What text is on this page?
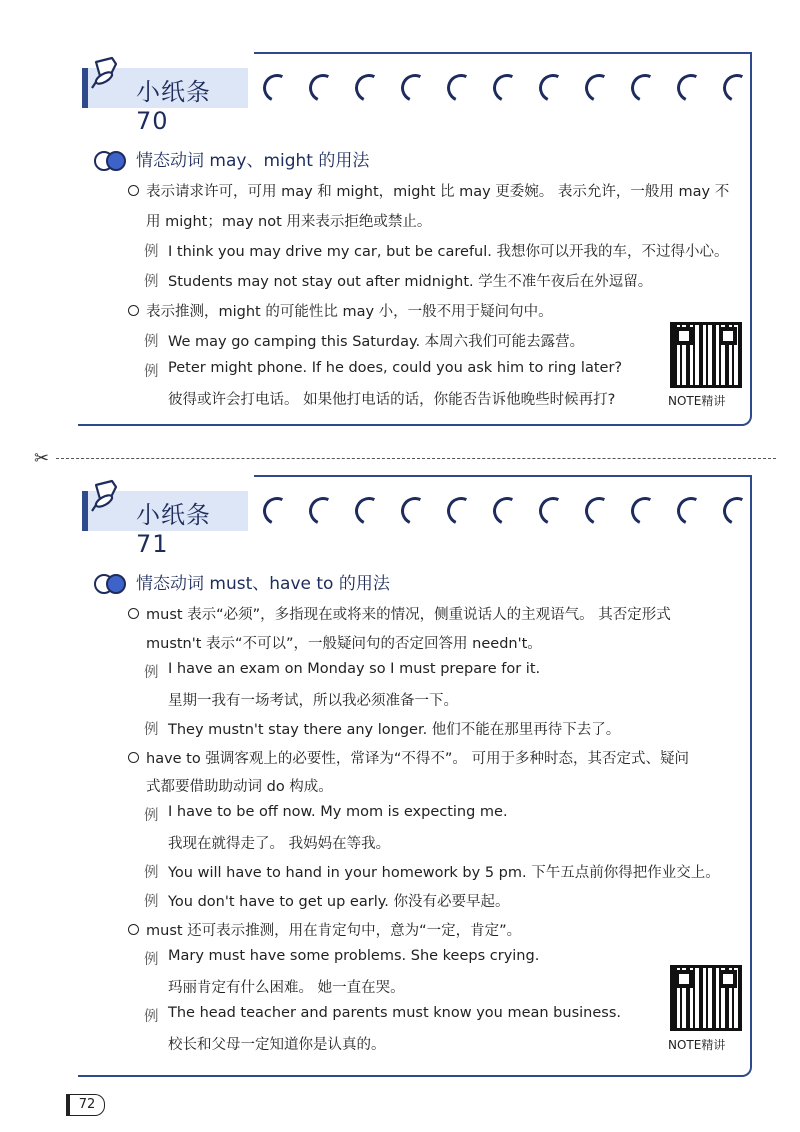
小纸条 70
情态动词 may、might 的用法
表示请求许可，可用 may 和 might，might 比 may 更委婉。 表示允许，一般用 may 不
用 might；may not 用来表示拒绝或禁止。
例 I think you may drive my car, but be careful. 我想你可以开我的车，不过得小心。
例 Students may not stay out after midnight. 学生不准午夜后在外逗留。
表示推测，might 的可能性比 may 小，一般不用于疑问句中。
例 We may go camping this Saturday. 本周六我们可能去露营。
例 Peter might phone. If he does, could you ask him to ring later?
彼得或许会打电话。 如果他打电话的话，你能否告诉他晚些时候再打?	NOTE精讲
✂
小纸条 71
情态动词 must、have to 的用法
must 表示“必须”，多指现在或将来的情况，侧重说话人的主观语气。 其否定形式
mustn't 表示“不可以”，一般疑问句的否定回答用 needn't。
例 I have an exam on Monday so I must prepare for it.
星期一我有一场考试，所以我必须准备一下。
例 They mustn't stay there any longer. 他们不能在那里再待下去了。
have to 强调客观上的必要性，常译为“不得不”。 可用于多种时态，其否定式、疑问
式都要借助助动词 do 构成。
例 I have to be off now. My mom is expecting me.
我现在就得走了。 我妈妈在等我。
例 You will have to hand in your homework by 5 pm. 下午五点前你得把作业交上。
例 You don't have to get up early. 你没有必要早起。
must 还可表示推测，用在肯定句中，意为“一定，肯定”。
例 Mary must have some problems. She keeps crying.
玛丽肯定有什么困难。 她一直在哭。
例 The head teacher and parents must know you mean business.
校长和父母一定知道你是认真的。	NOTE精讲
72
